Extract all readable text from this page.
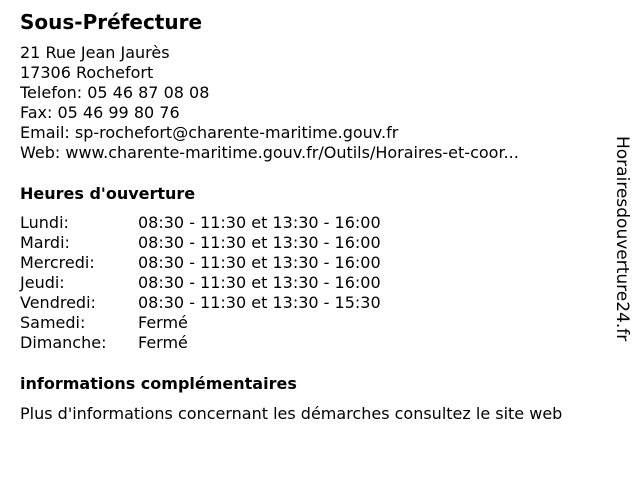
Sous-Préfecture
21 Rue Jean Jaurès
17306 Rochefort
Telefon: 05 46 87 08 08
Fax: 05 46 99 80 76
Email: sp-rochefort@charente-maritime.gouv.fr
Web: www.charente-maritime.gouv.fr/Outils/Horaires-et-coor...
Heures d'ouverture
Lundi:	08:30 - 11:30 et 13:30 - 16:00
Mardi:	08:30 - 11:30 et 13:30 - 16:00
Mercredi:	08:30 - 11:30 et 13:30 - 16:00
Jeudi:	08:30 - 11:30 et 13:30 - 16:00
Vendredi:	08:30 - 11:30 et 13:30 - 15:30
Samedi:	Fermé
Dimanche:	Fermé
informations complémentaires
Plus d'informations concernant les démarches consultez le site web
Horairesdouverture24.fr
